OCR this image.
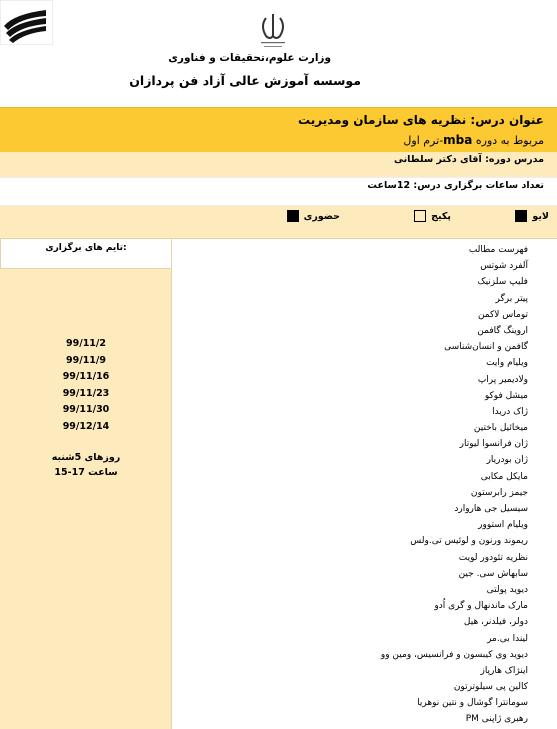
وزارت علوم،تحقیقات و فناوری
موسسه آموزش عالی آزاد فن پردازان
عنوان درس: نظریه های سازمان ومدیریت
مربوط به دوره mba-ترم اول
مدرس دوره: آقای دکتر سلطانی
تعداد ساعات برگزاری درس: 12ساعت
لایو
پکیج
حضوری
تایم های برگزاری:
99/11/2
99/11/9
99/11/16
99/11/23
99/11/30
99/12/14
روزهای 5شنبه
ساعت 17-15
فهرست مطالب
آلفرد شوتس
فلیپ سلزنیک
پیتر برگر
توماس لاکمن
اروینگ گافمن
گافمن و انسان‌شناسی
ویلیام وایت
ولادیمیر پراپ
میشل فوکو
ژاک دریدا
میخائیل باختین
ژان فرانسوا لیوتار
ژان بودریار
مایکل مکابی
جیمز رابرستون
سیسیل جی هاروارد
ویلیام استوور
ریموند ورنون و لوئیس تی.ولس
نظریه تئودور لویت
سابهاش سی. جین
دیوید پولتی
مارک ماندنهال و گری اُدو
دولر، فیلدنر، هیل
لیندا بی.مر
دیوید وی کیبسون و فرانسیس، ومین وو
اینژاک هارپاز
کالین پی سیلوترتون
سومانترا گوشال و نتین نوهریا
رهبری ژاپنی PM
